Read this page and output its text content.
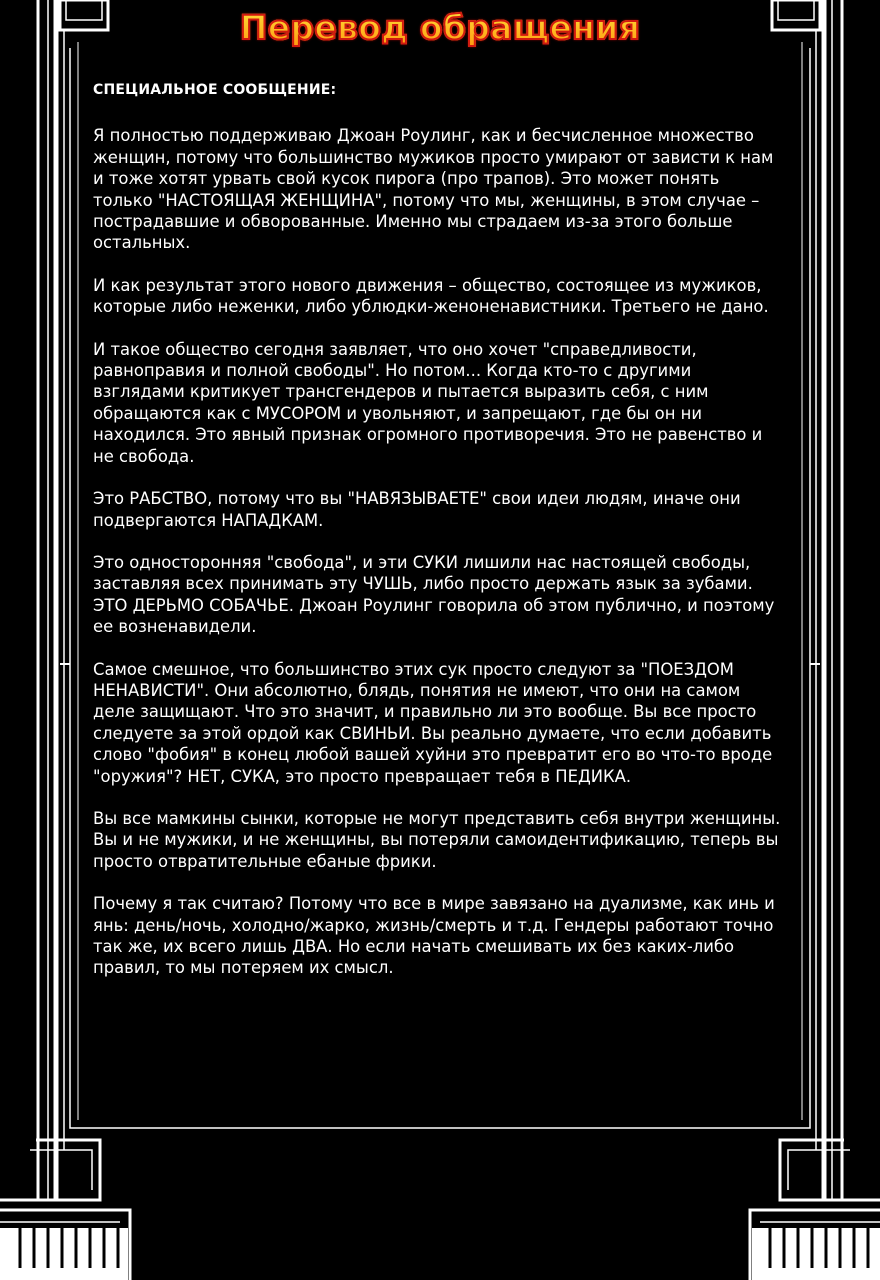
Перевод обращения
СПЕЦИАЛЬНОЕ СООБЩЕНИЕ:

Я полностью поддерживаю Джоан Роулинг, как и бесчисленное множество женщин, потому что большинство мужиков просто умирают от зависти к нам и тоже хотят урвать свой кусок пирога (про трапов). Это может понять только "НАСТОЯЩАЯ ЖЕНЩИНА", потому что мы, женщины, в этом случае – пострадавшие и обворованные. Именно мы страдаем из-за этого больше остальных.

И как результат этого нового движения – общество, состоящее из мужиков, которые либо неженки, либо ублюдки-женоненавистники. Третьего не дано.

И такое общество сегодня заявляет, что оно хочет "справедливости, равноправия и полной свободы". Но потом... Когда кто-то с другими взглядами критикует трансгендеров и пытается выразить себя, с ним обращаются как с МУСОРОМ и увольняют, и запрещают, где бы он ни находился. Это явный признак огромного противоречия. Это не равенство и не свобода.

Это РАБСТВО, потому что вы "НАВЯЗЫВАЕТЕ" свои идеи людям, иначе они подвергаются НАПАДКАМ.

Это односторонняя "свобода", и эти СУКИ лишили нас настоящей свободы, заставляя всех принимать эту ЧУШЬ, либо просто держать язык за зубами. ЭТО ДЕРЬМО СОБАЧЬЕ. Джоан Роулинг говорила об этом публично, и поэтому ее возненавидели.

Самое смешное, что большинство этих сук просто следуют за "ПОЕЗДОМ НЕНАВИСТИ". Они абсолютно, блядь, понятия не имеют, что они на самом деле защищают. Что это значит, и правильно ли это вообще. Вы все просто следуете за этой ордой как СВИНЬИ. Вы реально думаете, что если добавить слово "фобия" в конец любой вашей хуйни это превратит его во что-то вроде "оружия"? НЕТ, СУКА, это просто превращает тебя в ПЕДИКА.

Вы все мамкины сынки, которые не могут представить себя внутри женщины. Вы и не мужики, и не женщины, вы потеряли самоидентификацию, теперь вы просто отвратительные ебаные фрики.

Почему я так считаю? Потому что все в мире завязано на дуализме, как инь и янь: день/ночь, холодно/жарко, жизнь/смерть и т.д. Гендеры работают точно так же, их всего лишь ДВА. Но если начать смешивать их без каких-либо правил, то мы потеряем их смысл.
